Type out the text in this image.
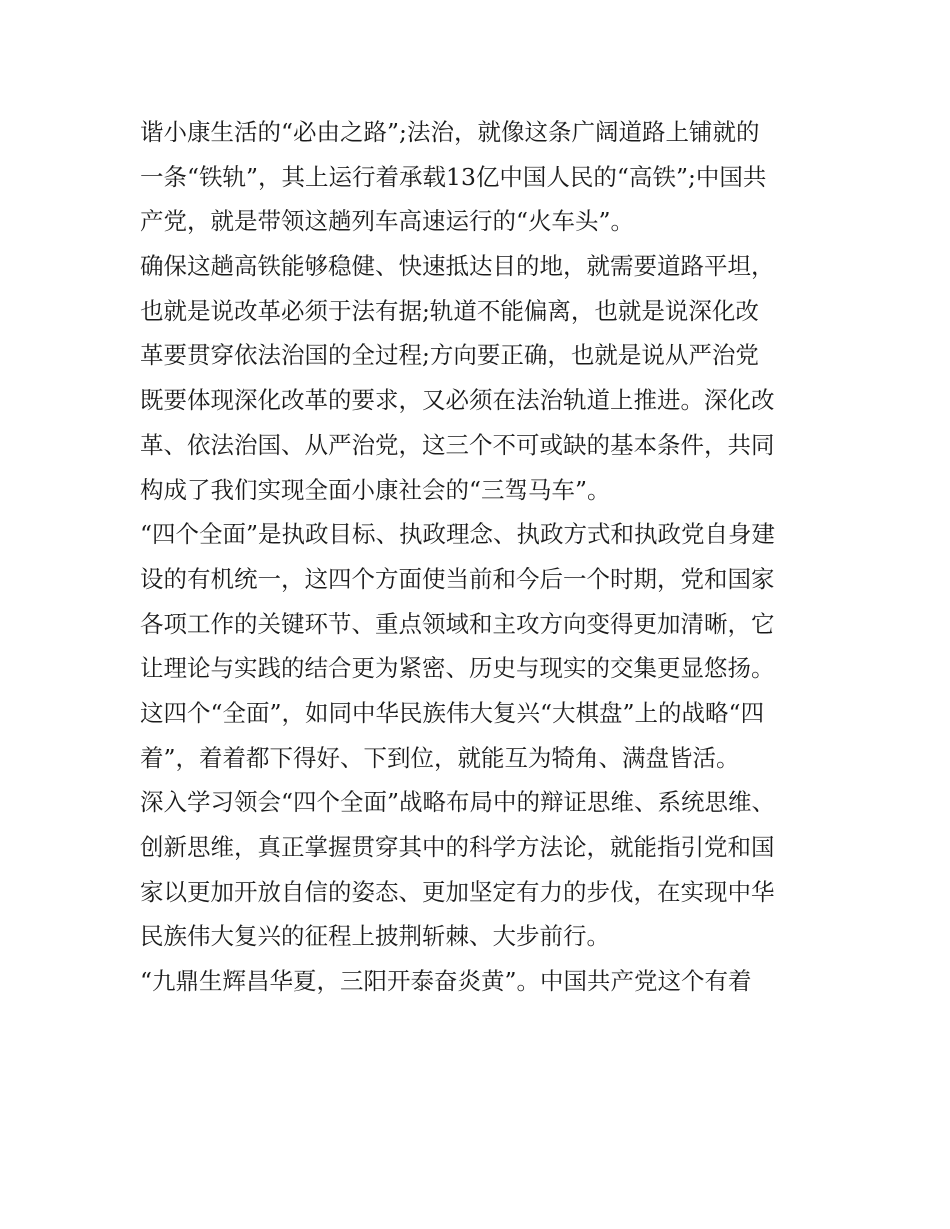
谐小康生活的“必由之路”;法治，就像这条广阔道路上铺就的
一条“铁轨”，其上运行着承载13亿中国人民的“高铁”;中国共
产党，就是带领这趟列车高速运行的“火车头”。
确保这趟高铁能够稳健、快速抵达目的地，就需要道路平坦，
也就是说改革必须于法有据;轨道不能偏离，也就是说深化改
革要贯穿依法治国的全过程;方向要正确，也就是说从严治党
既要体现深化改革的要求，又必须在法治轨道上推进。深化改
革、依法治国、从严治党，这三个不可或缺的基本条件，共同
构成了我们实现全面小康社会的“三驾马车”。
“四个全面”是执政目标、执政理念、执政方式和执政党自身建
设的有机统一，这四个方面使当前和今后一个时期，党和国家
各项工作的关键环节、重点领域和主攻方向变得更加清晰，它
让理论与实践的结合更为紧密、历史与现实的交集更显悠扬。
这四个“全面”，如同中华民族伟大复兴“大棋盘”上的战略“四
着”，着着都下得好、下到位，就能互为犄角、满盘皆活。
深入学习领会“四个全面”战略布局中的辩证思维、系统思维、
创新思维，真正掌握贯穿其中的科学方法论，就能指引党和国
家以更加开放自信的姿态、更加坚定有力的步伐，在实现中华
民族伟大复兴的征程上披荆斩棘、大步前行。
“九鼎生辉昌华夏，三阳开泰奋炎黄”。中国共产党这个有着
